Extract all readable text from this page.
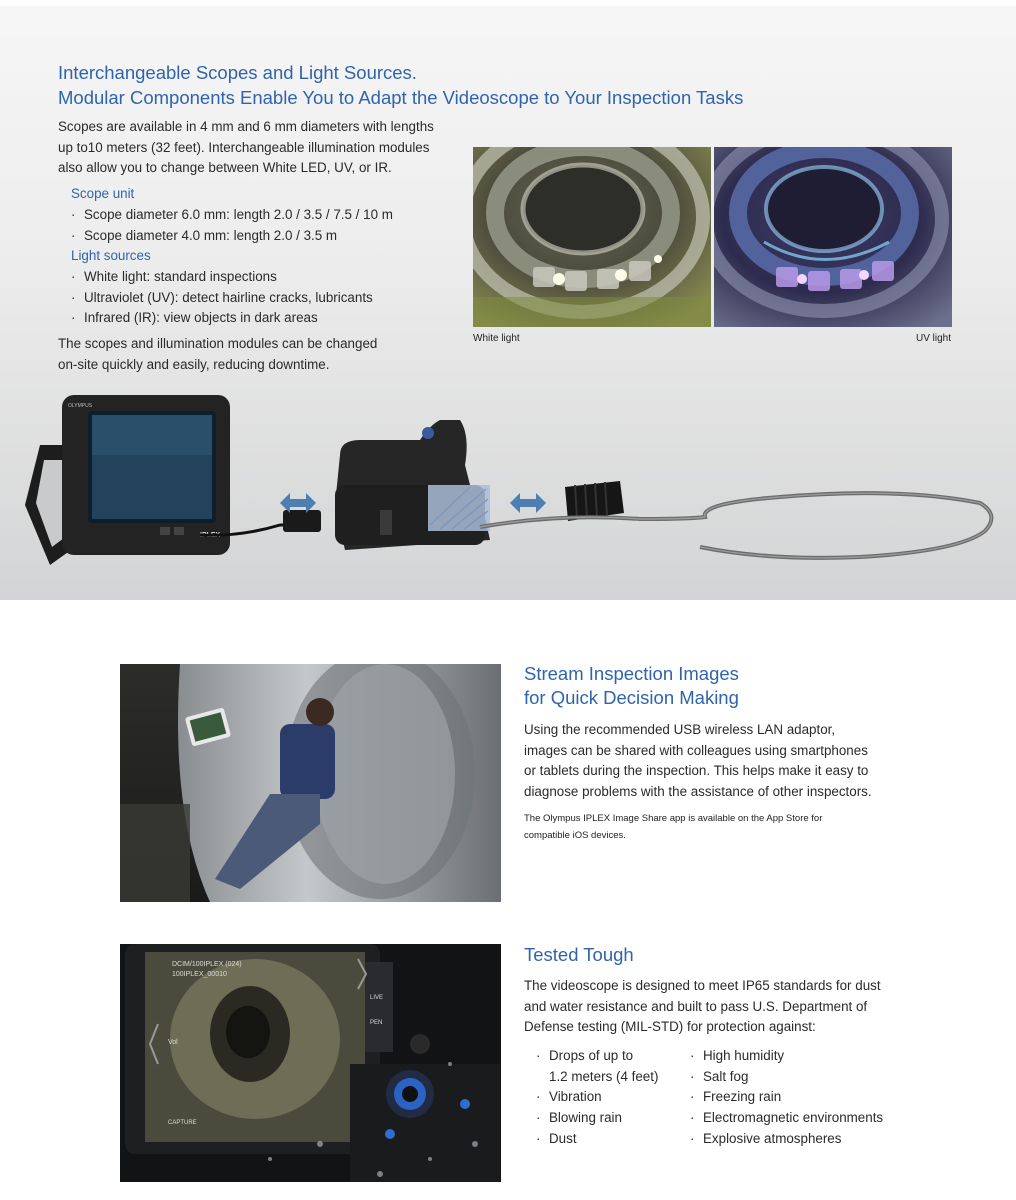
Interchangeable Scopes and Light Sources.
Modular Components Enable You to Adapt the Videoscope to Your Inspection Tasks
Scopes are available in 4 mm and 6 mm diameters with lengths
up to10 meters (32 feet). Interchangeable illumination modules
also allow you to change between White LED, UV, or IR.
Scope unit
· Scope diameter 6.0 mm: length 2.0 / 3.5 / 7.5 / 10 m
· Scope diameter 4.0 mm: length 2.0 / 3.5 m
Light sources
· White light: standard inspections
· Ultraviolet (UV): detect hairline cracks, lubricants
· Infrared (IR): view objects in dark areas
The scopes and illumination modules can be changed
on-site quickly and easily, reducing downtime.
White light	UV light
OLYMPUS
IPLEX
Stream Inspection Images
for Quick Decision Making
Using the recommended USB wireless LAN adaptor,
images can be shared with colleagues using smartphones
or tablets during the inspection. This helps make it easy to
diagnose problems with the assistance of other inspectors.
The Olympus IPLEX Image Share app is available on the App Store for
compatible iOS devices.
DCIM/100IPLEX (024)
100IPLEX_00010
Vol
CAPTURE
LIVE
PEN
Tested Tough
The videoscope is designed to meet IP65 standards for dust
and water resistance and built to pass U.S. Department of
Defense testing (MIL-STD) for protection against:
· Drops of up to
1.2 meters (4 feet)
· Vibration
· Blowing rain
· Dust
· High humidity
· Salt fog
· Freezing rain
· Electromagnetic environments
· Explosive atmospheres
